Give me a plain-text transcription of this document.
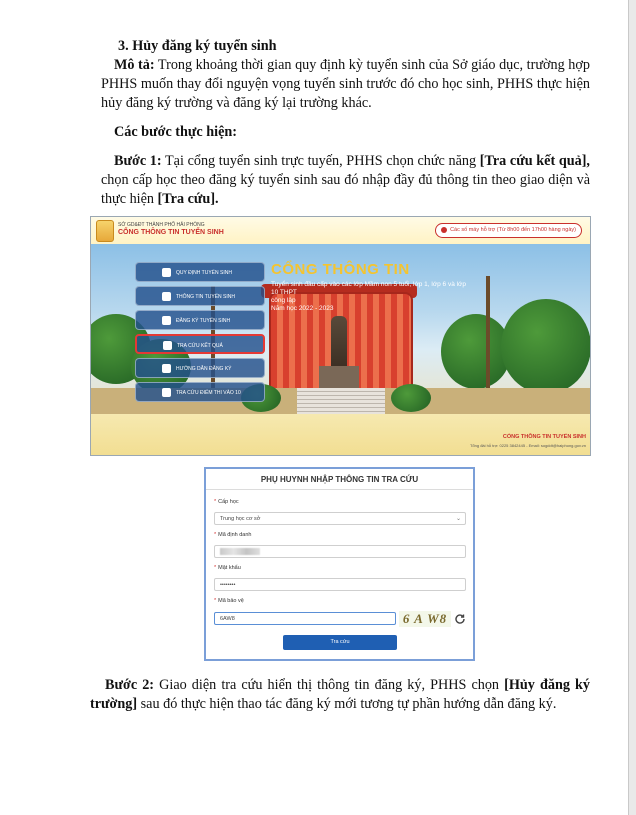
3. Hủy đăng ký tuyển sinh
Mô tả: Trong khoảng thời gian quy định kỳ tuyển sinh của Sở giáo dục, trường hợp
PHHS muốn thay đổi nguyện vọng tuyển sinh trước đó cho học sinh, PHHS thực hiện
hủy đăng ký trường và đăng ký lại trường khác.
Các bước thực hiện:
Bước 1: Tại cổng tuyển sinh trực tuyến, PHHS chọn chức năng [Tra cứu kết quả],
chọn cấp học theo đăng ký tuyển sinh sau đó nhập đầy đủ thông tin theo giao diện và
thực hiện [Tra cứu].
SỞ GD&ĐT THÀNH PHỐ HẢI PHÒNG
CỔNG THÔNG TIN TUYỂN SINH	Các số máy hỗ trợ (Từ 8h00 đến 17h00 hàng ngày)
CỔNG THÔNG TIN
Tuyển sinh đầu cấp vào các lớp Mầm non 5 tuổi, lớp 1, lớp 6 và lớp 10 THPT
công lập
Năm học 2022 - 2023
QUY ĐỊNH TUYỂN SINH
THÔNG TIN TUYỂN SINH
ĐĂNG KÝ TUYỂN SINH
TRA CỨU KẾT QUẢ
HƯỚNG DẪN ĐĂNG KÝ
TRA CỨU ĐIỂM THI VÀO 10
CỔNG THÔNG TIN TUYỂN SINH
Tổng đài hỗ trợ: 0225 3842445 - Email: sogddt@haiphong.gov.vn
PHỤ HUYNH NHẬP THÔNG TIN TRA CỨU
* Cấp học
Trung học cơ sở	⌄
* Mã định danh
* Mật khẩu
••••••••
* Mã bảo vệ
6AW8	6 A W8
Tra cứu
Bước 2: Giao diện tra cứu hiển thị thông tin đăng ký, PHHS chọn [Hủy đăng ký
trường] sau đó thực hiện thao tác đăng ký mới tương tự phần hướng dẫn đăng ký.
